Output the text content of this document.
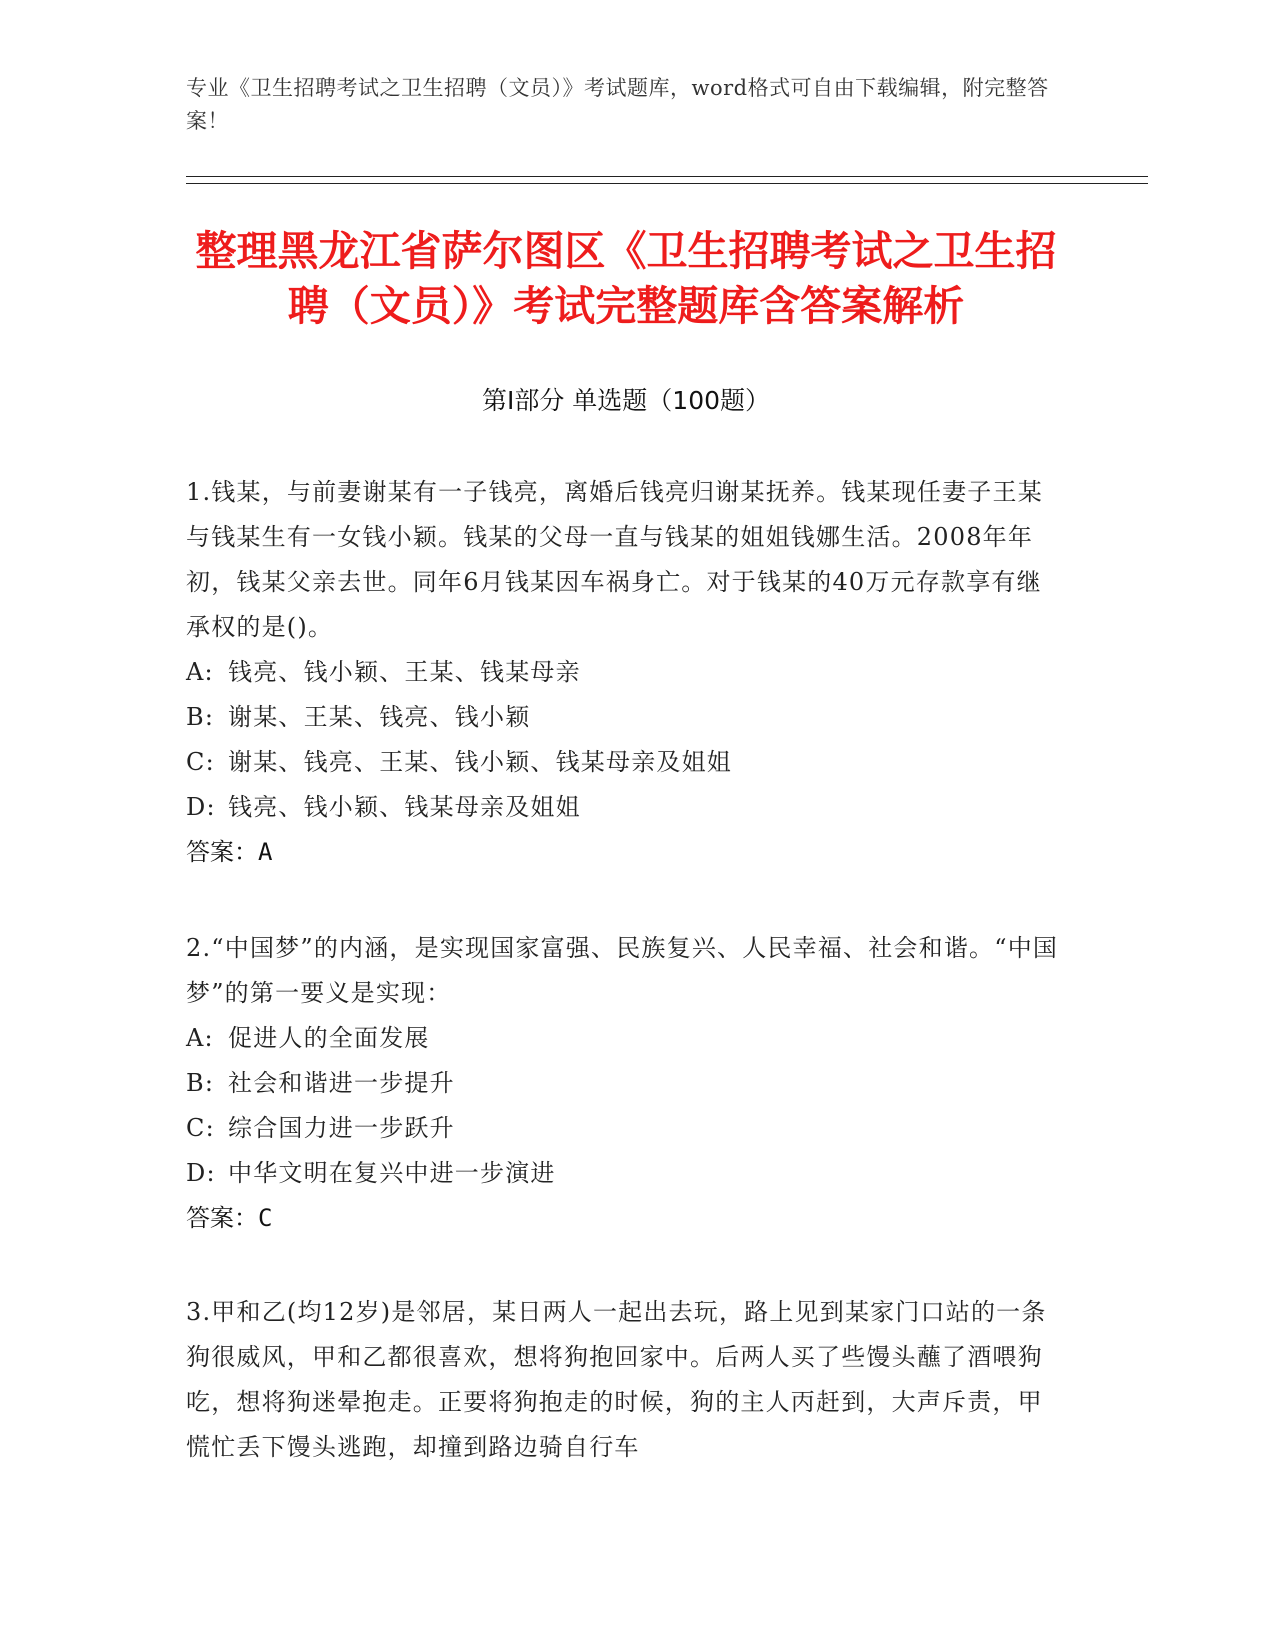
专业《卫生招聘考试之卫生招聘（文员）》考试题库，word格式可自由下载编辑，附完整答案！
整理黑龙江省萨尔图区《卫生招聘考试之卫生招聘（文员）》考试完整题库含答案解析
第Ⅰ部分 单选题（100题）
1.钱某，与前妻谢某有一子钱亮，离婚后钱亮归谢某抚养。钱某现任妻子王某与钱某生有一女钱小颖。钱某的父母一直与钱某的姐姐钱娜生活。2008年年初，钱某父亲去世。同年6月钱某因车祸身亡。对于钱某的40万元存款享有继承权的是()。
A: 钱亮、钱小颖、王某、钱某母亲
B: 谢某、王某、钱亮、钱小颖
C: 谢某、钱亮、王某、钱小颖、钱某母亲及姐姐
D: 钱亮、钱小颖、钱某母亲及姐姐
答案：A
2.“中国梦”的内涵，是实现国家富强、民族复兴、人民幸福、社会和谐。“中国梦”的第一要义是实现：
A: 促进人的全面发展
B: 社会和谐进一步提升
C: 综合国力进一步跃升
D: 中华文明在复兴中进一步演进
答案：C
3.甲和乙(均12岁)是邻居，某日两人一起出去玩，路上见到某家门口站的一条狗很威风，甲和乙都很喜欢，想将狗抱回家中。后两人买了些馒头蘸了酒喂狗吃，想将狗迷晕抱走。正要将狗抱走的时候，狗的主人丙赶到，大声斥责，甲慌忙丢下馒头逃跑，却撞到路边骑自行车
